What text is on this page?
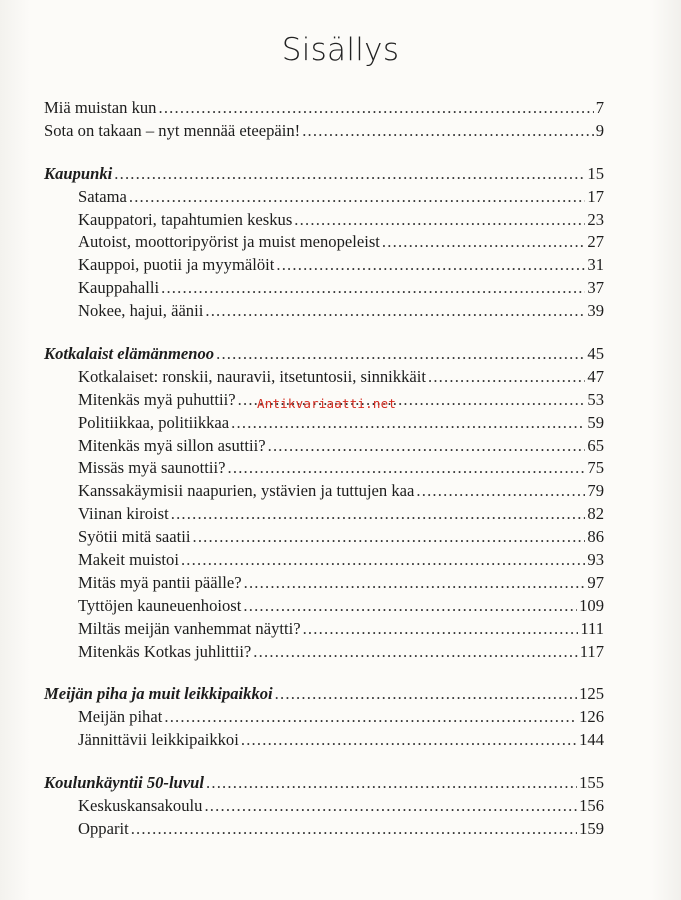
Sisällys
Miä muistan kun .....	7
Sota on takaan – nyt mennää eteepäin! .....	9
Kaupunki .....	15
Satama .....	17
Kauppatori, tapahtumien keskus .....	23
Autoist, moottoripyörist ja muist menopeleist .....	27
Kauppoi, puotii ja myymälöit .....	31
Kauppahalli .....	37
Nokee, hajui, äänii .....	39
Kotkalaist elämänmenoo .....	45
Kotkalaiset: ronskii, nauravii, itsetuntosii, sinnikkäit .....	47
Mitenkäs myä puhuttii? .....	53
Politiikkaa, politiikkaa .....	59
Mitenkäs myä sillon asuttii? .....	65
Missäs myä saunottii? .....	75
Kanssakäymisii naapurien, ystävien ja tuttujen kaa .....	79
Viinan kiroist .....	82
Syötii mitä saatii .....	86
Makeit muistoi .....	93
Mitäs myä pantii päälle? .....	97
Tyttöjen kauneuenhoiost .....	109
Miltäs meijän vanhemmat näytti? .....	111
Mitenkäs Kotkas juhlittii? .....	117
Meijän piha ja muit leikkipaikkoi .....	125
Meijän pihat .....	126
Jännittävii leikkipaikkoi .....	144
Koulunkäyntii 50-luvul .....	155
Keskuskansakoulu .....	156
Opparit .....	159
Antikvariaatti.net
